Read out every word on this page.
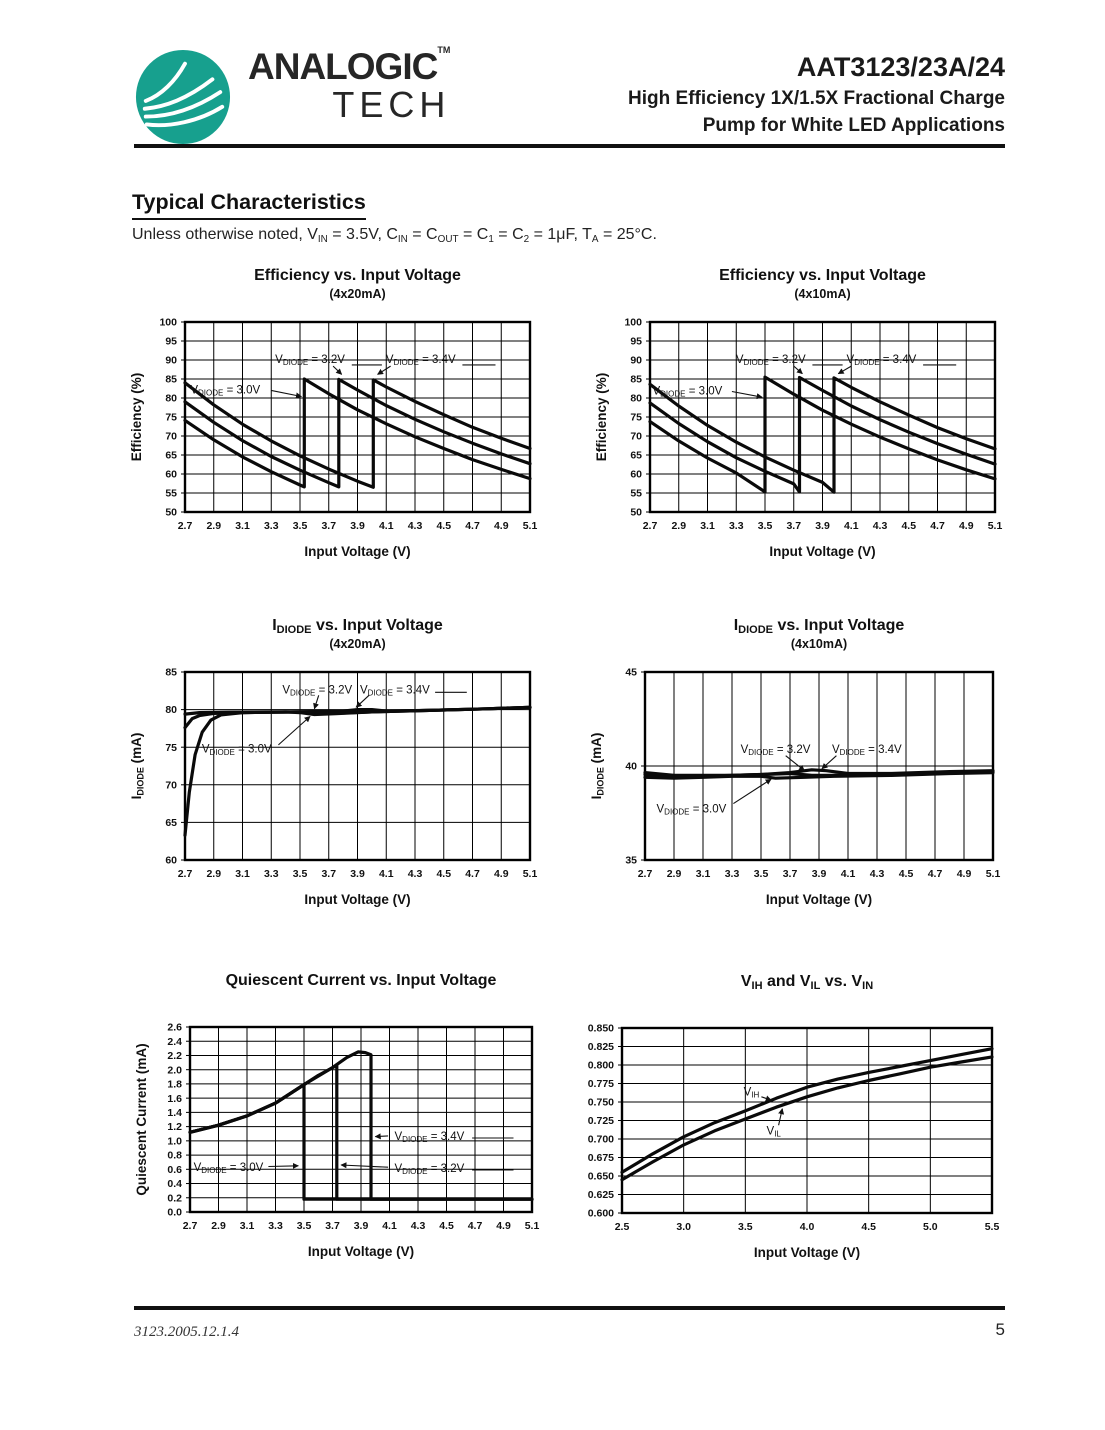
ANALOGIC™
TECH
AAT3123/23A/24
High Efficiency 1X/1.5X Fractional Charge
Pump for White LED Applications
Typical Characteristics
Unless otherwise noted, $V_{IN} = 3.5V$, $C_{IN} = C_{OUT} = C_1 = C_2 = 1\mu F$, $T_A = 25^\circ C$.
2.7 2.9 3.1 3.3 3.5 3.7 3.9 4.1 4.3 4.5 4.7 4.9 5.1
50
55
60
65
70
75
80
85
90
95
100
Input Voltage (V)
Efficiency (%)
Efficiency vs. Input Voltage
(4x20mA)
VDIODE = 3.0V
VDIODE = 3.2V	VDIODE = 3.4V
2.7 2.9 3.1 3.3 3.5 3.7 3.9 4.1 4.3 4.5 4.7 4.9 5.1
50
55
60
65
70
75
80
85
90
95
100
Input Voltage (V)
Efficiency (%)
Efficiency vs. Input Voltage
(4x10mA)
VDIODE = 3.0V
VDIODE = 3.2V	VDIODE = 3.4V
2.7 2.9 3.1 3.3 3.5 3.7 3.9 4.1 4.3 4.5 4.7 4.9 5.1
60
65
70
75
80
85
Input Voltage (V)
IDIODE (mA)
IDIODE vs. Input Voltage
(4x20mA)
VDIODE = 3.2V VDIODE = 3.4V
VDIODE = 3.0V
2.7 2.9 3.1 3.3 3.5 3.7 3.9 4.1 4.3 4.5 4.7 4.9 5.1
35
40
45
Input Voltage (V)
IDIODE (mA)
IDIODE vs. Input Voltage
(4x10mA)
VDIODE = 3.2V VDIODE = 3.4V
VDIODE = 3.0V
2.7 2.9 3.1 3.3 3.5 3.7 3.9 4.1 4.3 4.5 4.7 4.9 5.1
0.0
0.2
0.4
0.6
0.8
1.0
1.2
1.4
1.6
1.8
2.0
2.2
2.4
2.6
Input Voltage (V)
Quiescent Current (mA)
Quiescent Current vs. Input Voltage
VDIODE = 3.0V
VDIODE = 3.4V
VDIODE = 3.2V
2.5	3.0	3.5	4.0	4.5	5.0	5.5
0.600
0.625
0.650
0.675
0.700
0.725
0.750
0.775
0.800
0.825
0.850
Input Voltage (V)
VIH and VIL vs. VIN
VIH
VIL
3123.2005.12.1.4	5
